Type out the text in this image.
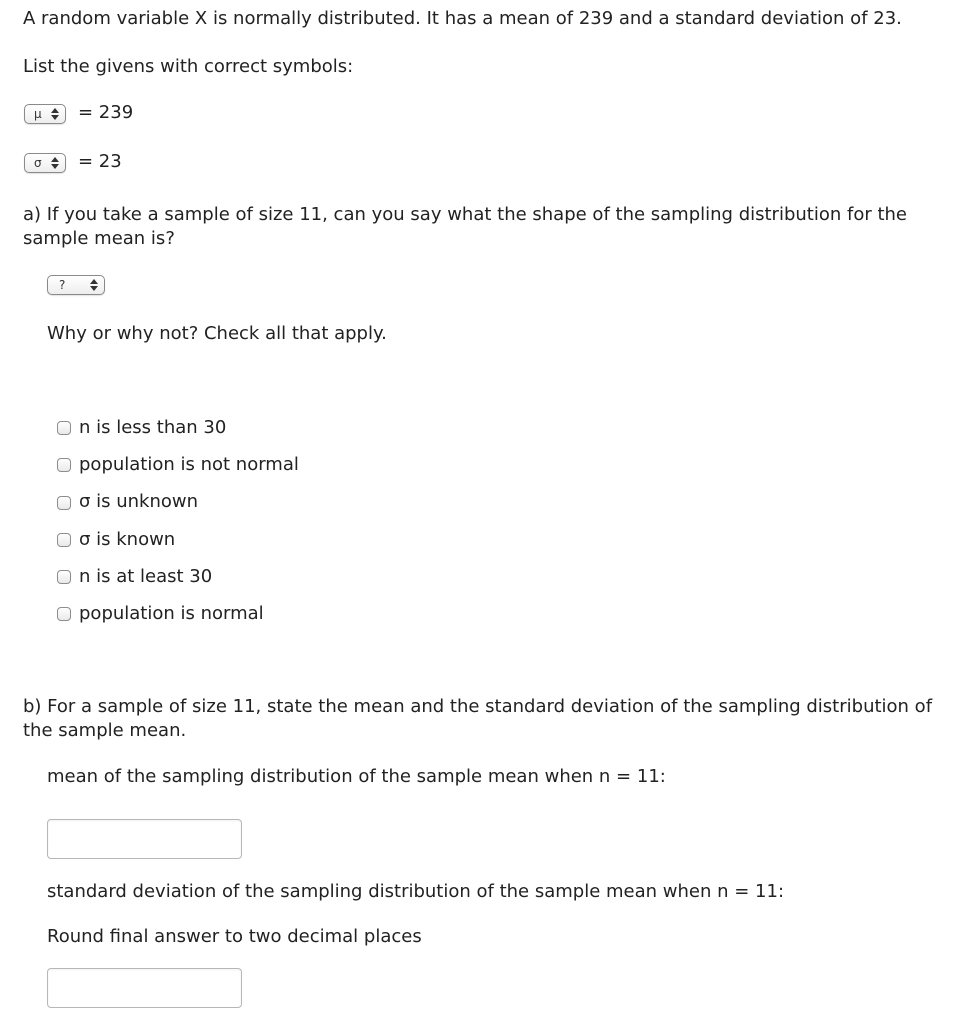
A random variable X is normally distributed. It has a mean of 239 and a standard deviation of 23.
List the givens with correct symbols:
μ = 239
σ = 23
a) If you take a sample of size 11, can you say what the shape of the sampling distribution for the sample mean is?
?
Why or why not? Check all that apply.
n is less than 30
population is not normal
σ is unknown
σ is known
n is at least 30
population is normal
b) For a sample of size 11, state the mean and the standard deviation of the sampling distribution of the sample mean.
mean of the sampling distribution of the sample mean when n = 11:
standard deviation of the sampling distribution of the sample mean when n = 11:
Round final answer to two decimal places
